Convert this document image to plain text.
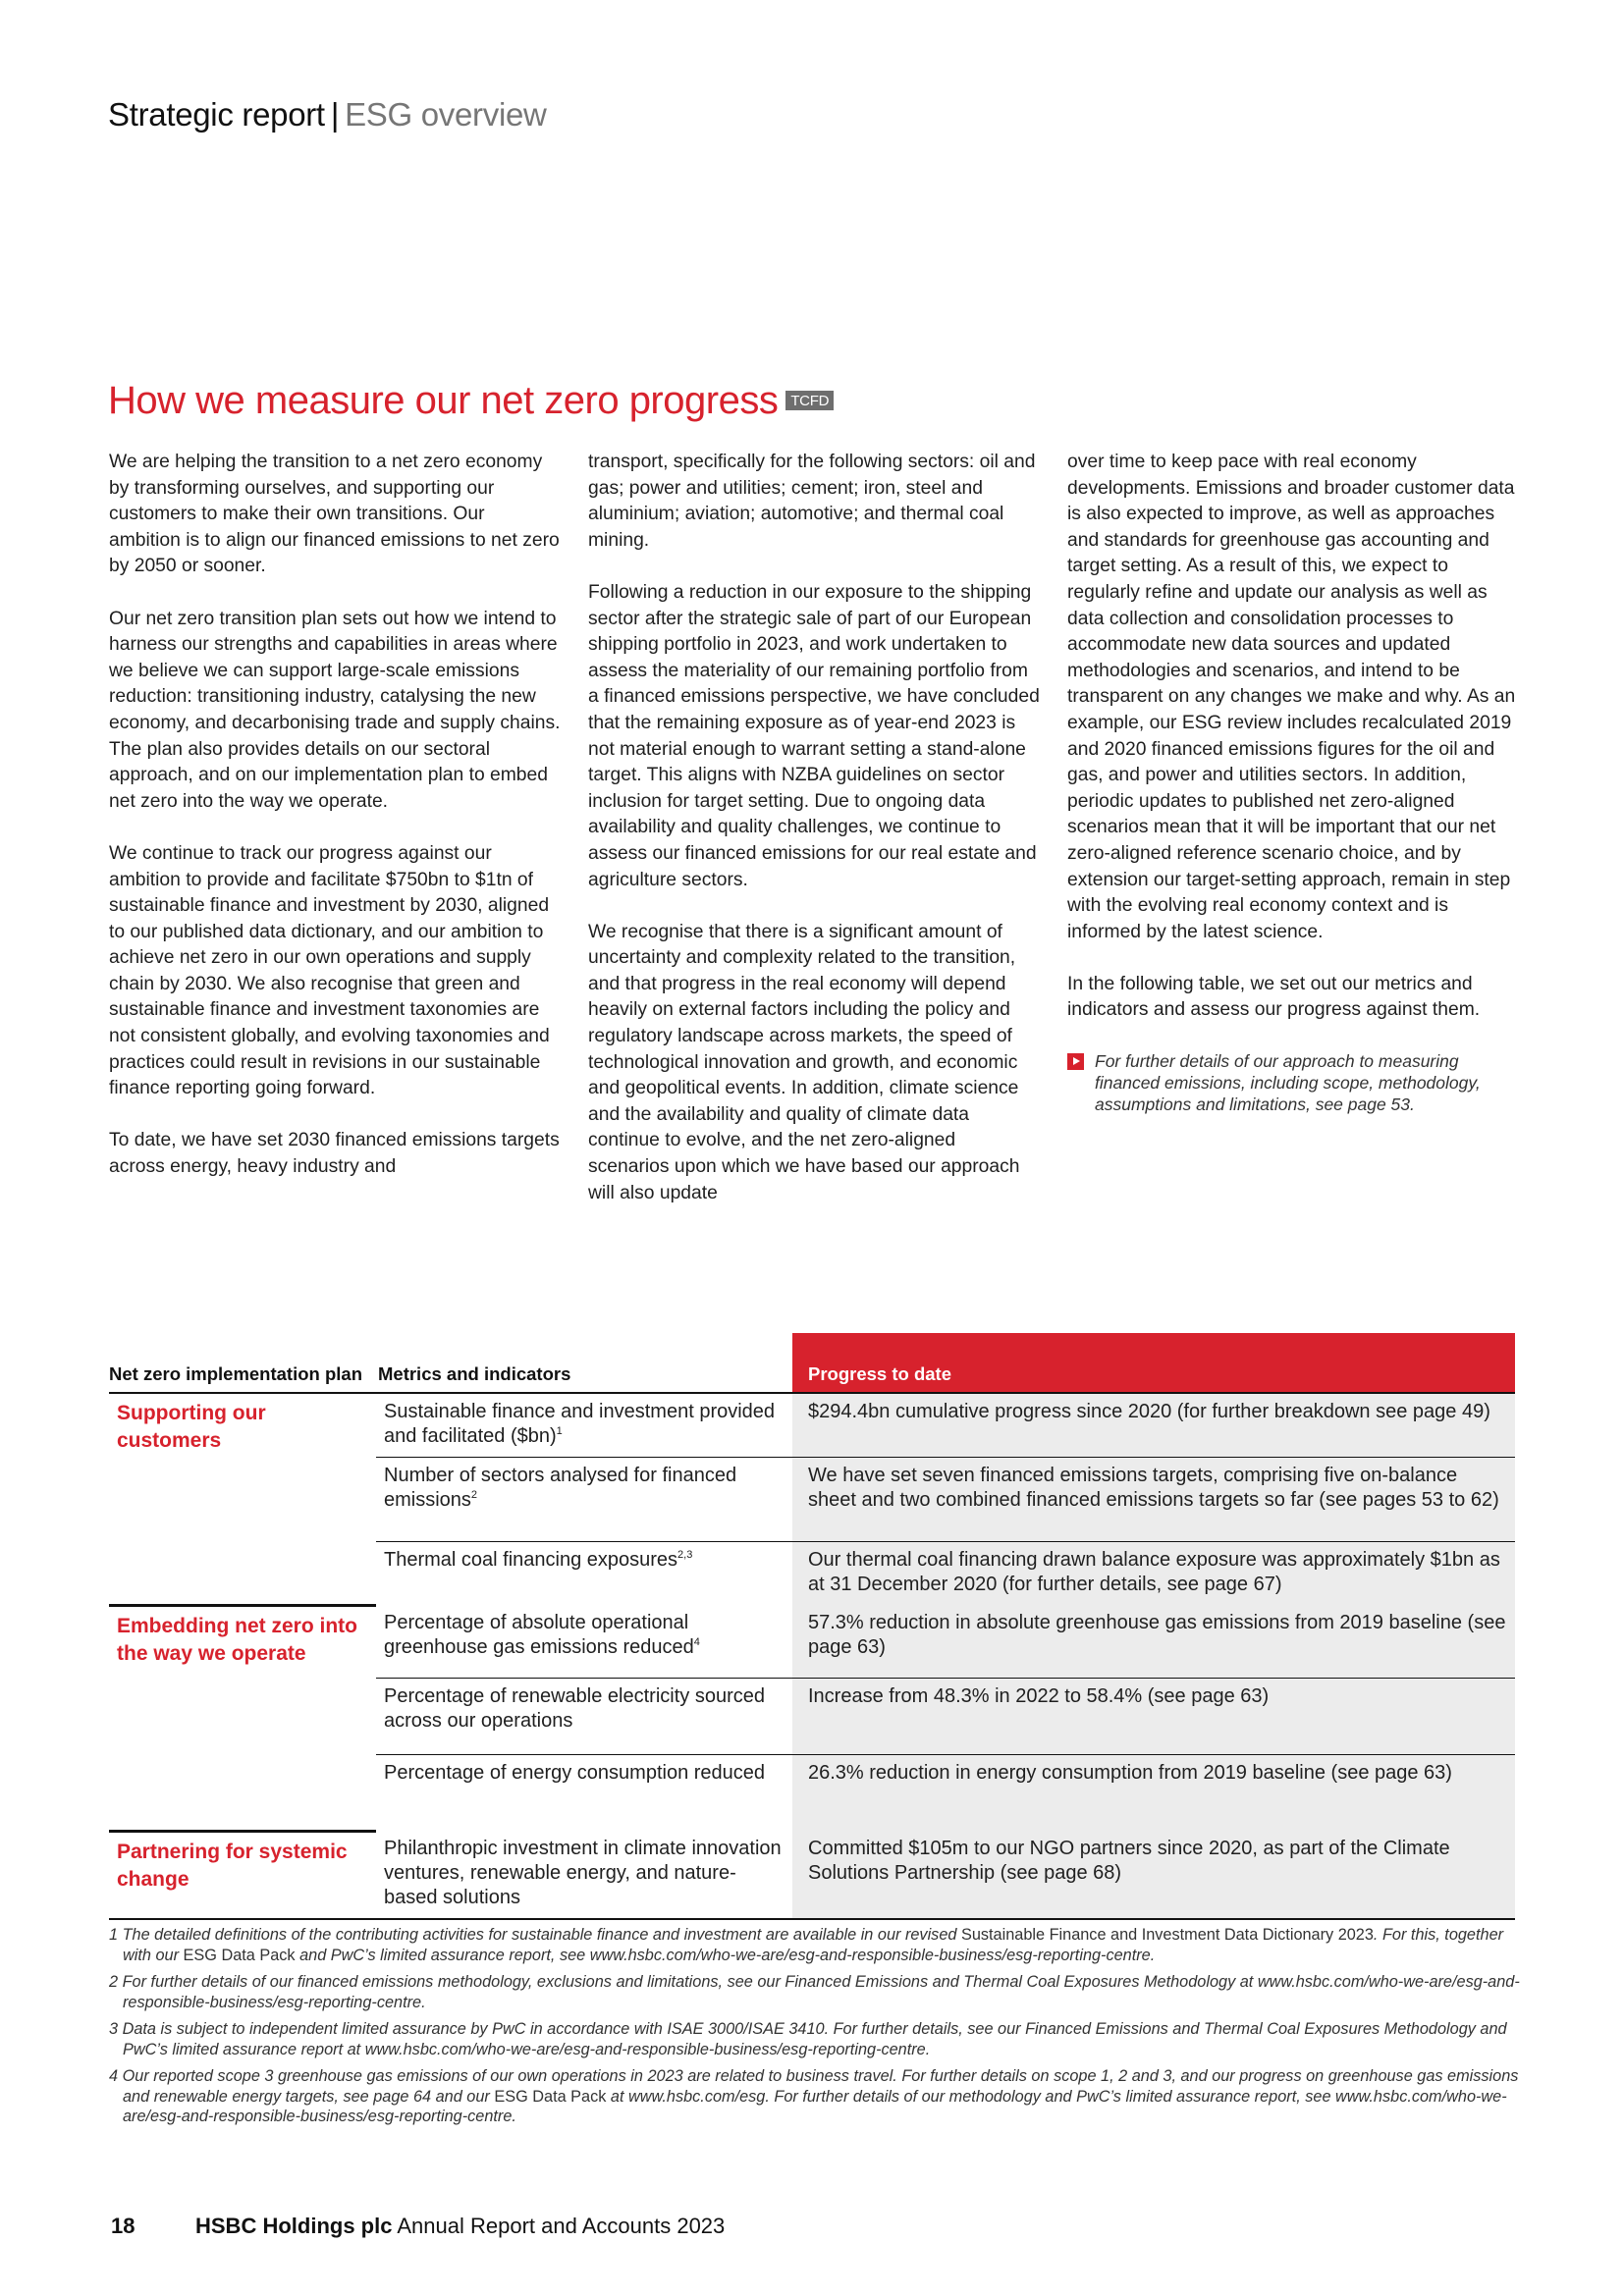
Strategic report | ESG overview
How we measure our net zero progress TCFD

We are helping the transition to a net zero economy by transforming ourselves, and supporting our customers to make their own transitions. Our ambition is to align our financed emissions to net zero by 2050 or sooner.

Our net zero transition plan sets out how we intend to harness our strengths and capabilities in areas where we believe we can support large-scale emissions reduction: transitioning industry, catalysing the new economy, and decarbonising trade and supply chains. The plan also provides details on our sectoral approach, and on our implementation plan to embed net zero into the way we operate.

We continue to track our progress against our ambition to provide and facilitate $750bn to $1tn of sustainable finance and investment by 2030, aligned to our published data dictionary, and our ambition to achieve net zero in our own operations and supply chain by 2030. We also recognise that green and sustainable finance and investment taxonomies are not consistent globally, and evolving taxonomies and practices could result in revisions in our sustainable finance reporting going forward.

To date, we have set 2030 financed emissions targets across energy, heavy industry and

transport, specifically for the following sectors: oil and gas; power and utilities; cement; iron, steel and aluminium; aviation; automotive; and thermal coal mining.

Following a reduction in our exposure to the shipping sector after the strategic sale of part of our European shipping portfolio in 2023, and work undertaken to assess the materiality of our remaining portfolio from a financed emissions perspective, we have concluded that the remaining exposure as of year-end 2023 is not material enough to warrant setting a stand-alone target. This aligns with NZBA guidelines on sector inclusion for target setting. Due to ongoing data availability and quality challenges, we continue to assess our financed emissions for our real estate and agriculture sectors.

We recognise that there is a significant amount of uncertainty and complexity related to the transition, and that progress in the real economy will depend heavily on external factors including the policy and regulatory landscape across markets, the speed of technological innovation and growth, and economic and geopolitical events. In addition, climate science and the availability and quality of climate data continue to evolve, and the net zero-aligned scenarios upon which we have based our approach will also update

over time to keep pace with real economy developments. Emissions and broader customer data is also expected to improve, as well as approaches and standards for greenhouse gas accounting and target setting. As a result of this, we expect to regularly refine and update our analysis as well as data collection and consolidation processes to accommodate new data sources and updated methodologies and scenarios, and intend to be transparent on any changes we make and why. As an example, our ESG review includes recalculated 2019 and 2020 financed emissions figures for the oil and gas, and power and utilities sectors. In addition, periodic updates to published net zero-aligned scenarios mean that it will be important that our net zero-aligned reference scenario choice, and by extension our target-setting approach, remain in step with the evolving real economy context and is informed by the latest science.

In the following table, we set out our metrics and indicators and assess our progress against them.

For further details of our approach to measuring financed emissions, including scope, methodology, assumptions and limitations, see page 53.
Net zero implementation plan	Metrics and indicators	Progress to date
Supporting our customers	Sustainable finance and investment provided and facilitated ($bn)$^1$	$294.4bn cumulative progress since 2020 (for further breakdown see page 49)
	Number of sectors analysed for financed emissions$^2$	We have set seven financed emissions targets, comprising five on-balance sheet and two combined financed emissions targets so far (see pages 53 to 62)
	Thermal coal financing exposures$^{2,3}$	Our thermal coal financing drawn balance exposure was approximately $1bn as at 31 December 2020 (for further details, see page 67)
Embedding net zero into the way we operate	Percentage of absolute operational greenhouse gas emissions reduced$^4$	57.3% reduction in absolute greenhouse gas emissions from 2019 baseline (see page 63)
	Percentage of renewable electricity sourced across our operations	Increase from 48.3% in 2022 to 58.4% (see page 63)
	Percentage of energy consumption reduced	26.3% reduction in energy consumption from 2019 baseline (see page 63)
Partnering for systemic change	Philanthropic investment in climate innovation ventures, renewable energy, and nature-based solutions	Committed $105m to our NGO partners since 2020, as part of the Climate Solutions Partnership (see page 68)
1 The detailed definitions of the contributing activities for sustainable finance and investment are available in our revised Sustainable Finance and Investment Data Dictionary 2023. For this, together with our ESG Data Pack and PwC’s limited assurance report, see www.hsbc.com/who-we-are/esg-and-responsible-business/esg-reporting-centre.
2 For further details of our financed emissions methodology, exclusions and limitations, see our Financed Emissions and Thermal Coal Exposures Methodology at www.hsbc.com/who-we-are/esg-and-responsible-business/esg-reporting-centre.
3 Data is subject to independent limited assurance by PwC in accordance with ISAE 3000/ISAE 3410. For further details, see our Financed Emissions and Thermal Coal Exposures Methodology and PwC’s limited assurance report at www.hsbc.com/who-we-are/esg-and-responsible-business/esg-reporting-centre.
4 Our reported scope 3 greenhouse gas emissions of our own operations in 2023 are related to business travel. For further details on scope 1, 2 and 3, and our progress on greenhouse gas emissions and renewable energy targets, see page 64 and our ESG Data Pack at www.hsbc.com/esg. For further details of our methodology and PwC’s limited assurance report, see www.hsbc.com/who-we-are/esg-and-responsible-business/esg-reporting-centre.
18	HSBC Holdings plc Annual Report and Accounts 2023
